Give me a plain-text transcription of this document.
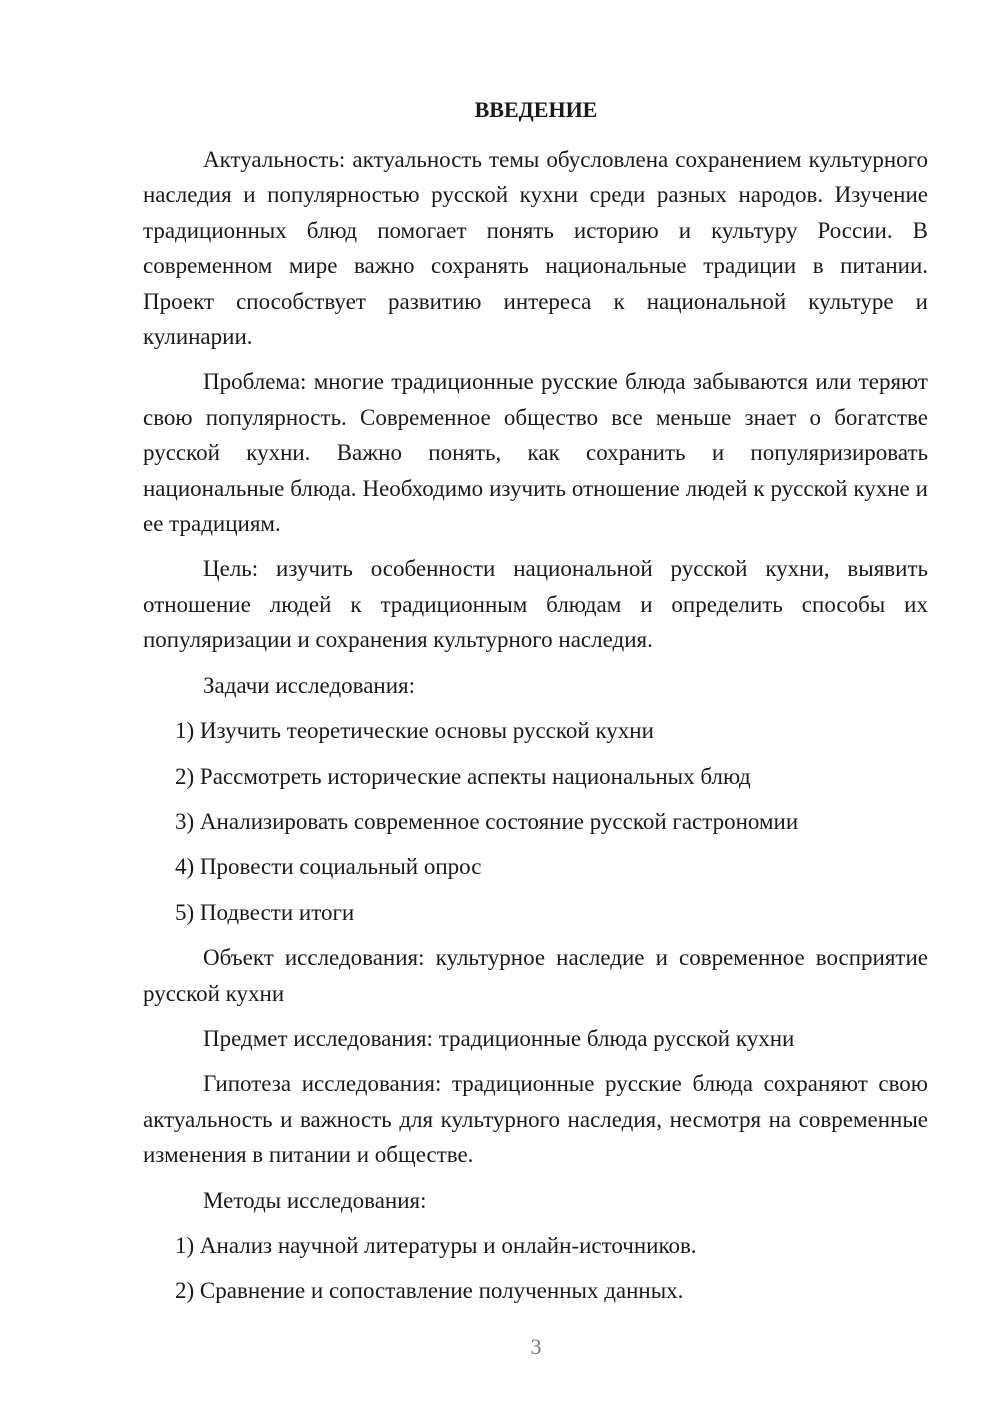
ВВЕДЕНИЕ

Актуальность: актуальность темы обусловлена сохранением культурного наследия и популярностью русской кухни среди разных народов. Изучение традиционных блюд помогает понять историю и культуру России. В современном мире важно сохранять национальные традиции в питании. Проект способствует развитию интереса к национальной культуре и кулинарии.

Проблема: многие традиционные русские блюда забываются или теряют свою популярность. Современное общество все меньше знает о богатстве русской кухни. Важно понять, как сохранить и популяризировать национальные блюда. Необходимо изучить отношение людей к русской кухне и ее традициям.

Цель: изучить особенности национальной русской кухни, выявить отношение людей к традиционным блюдам и определить способы их популяризации и сохранения культурного наследия.

Задачи исследования:

1) Изучить теоретические основы русской кухни
2) Рассмотреть исторические аспекты национальных блюд
3) Анализировать современное состояние русской гастрономии
4) Провести социальный опрос
5) Подвести итоги

Объект исследования: культурное наследие и современное восприятие русской кухни

Предмет исследования: традиционные блюда русской кухни

Гипотеза исследования: традиционные русские блюда сохраняют свою актуальность и важность для культурного наследия, несмотря на современные изменения в питании и обществе.

Методы исследования:

1) Анализ научной литературы и онлайн-источников.
2) Сравнение и сопоставление полученных данных.
3
